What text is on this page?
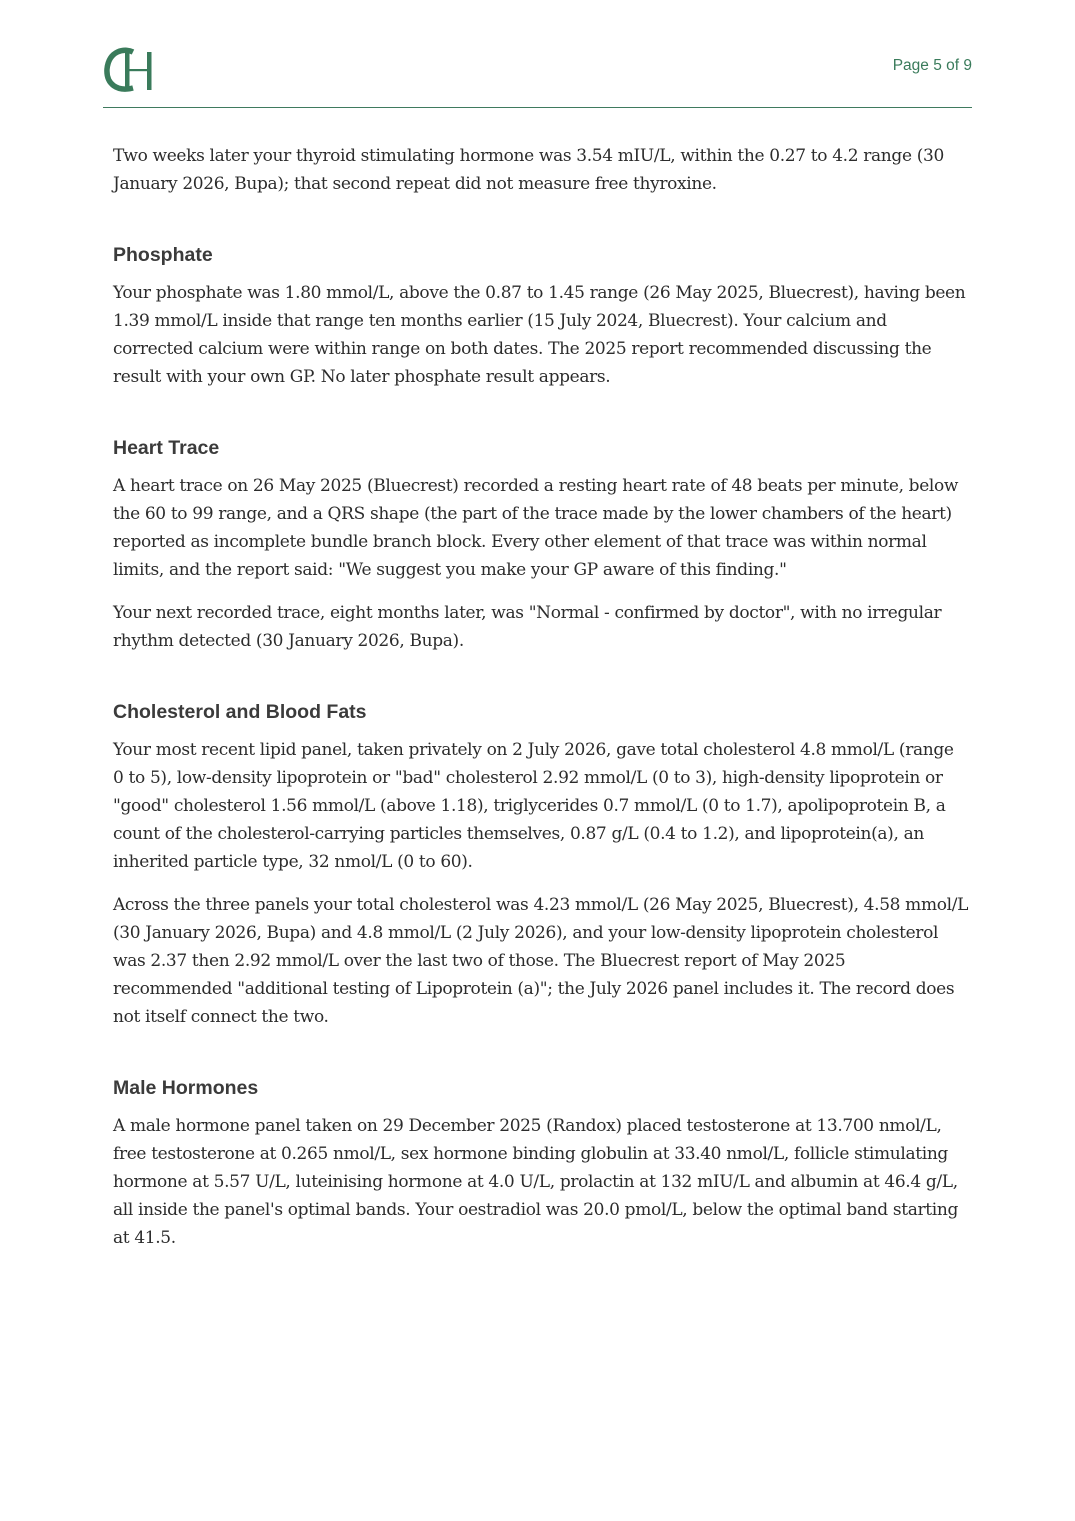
Page 5 of 9

Two weeks later your thyroid stimulating hormone was 3.54 mIU/L, within the 0.27 to 4.2 range (30 January 2026, Bupa); that second repeat did not measure free thyroxine.

Phosphate

Your phosphate was 1.80 mmol/L, above the 0.87 to 1.45 range (26 May 2025, Bluecrest), having been 1.39 mmol/L inside that range ten months earlier (15 July 2024, Bluecrest). Your calcium and corrected calcium were within range on both dates. The 2025 report recommended discussing the result with your own GP. No later phosphate result appears.

Heart Trace

A heart trace on 26 May 2025 (Bluecrest) recorded a resting heart rate of 48 beats per minute, below the 60 to 99 range, and a QRS shape (the part of the trace made by the lower chambers of the heart) reported as incomplete bundle branch block. Every other element of that trace was within normal limits, and the report said: "We suggest you make your GP aware of this finding."

Your next recorded trace, eight months later, was "Normal - confirmed by doctor", with no irregular rhythm detected (30 January 2026, Bupa).

Cholesterol and Blood Fats

Your most recent lipid panel, taken privately on 2 July 2026, gave total cholesterol 4.8 mmol/L (range 0 to 5), low-density lipoprotein or "bad" cholesterol 2.92 mmol/L (0 to 3), high-density lipoprotein or "good" cholesterol 1.56 mmol/L (above 1.18), triglycerides 0.7 mmol/L (0 to 1.7), apolipoprotein B, a count of the cholesterol-carrying particles themselves, 0.87 g/L (0.4 to 1.2), and lipoprotein(a), an inherited particle type, 32 nmol/L (0 to 60).

Across the three panels your total cholesterol was 4.23 mmol/L (26 May 2025, Bluecrest), 4.58 mmol/L (30 January 2026, Bupa) and 4.8 mmol/L (2 July 2026), and your low-density lipoprotein cholesterol was 2.37 then 2.92 mmol/L over the last two of those. The Bluecrest report of May 2025 recommended "additional testing of Lipoprotein (a)"; the July 2026 panel includes it. The record does not itself connect the two.

Male Hormones

A male hormone panel taken on 29 December 2025 (Randox) placed testosterone at 13.700 nmol/L, free testosterone at 0.265 nmol/L, sex hormone binding globulin at 33.40 nmol/L, follicle stimulating hormone at 5.57 U/L, luteinising hormone at 4.0 U/L, prolactin at 132 mIU/L and albumin at 46.4 g/L, all inside the panel's optimal bands. Your oestradiol was 20.0 pmol/L, below the optimal band starting at 41.5.
